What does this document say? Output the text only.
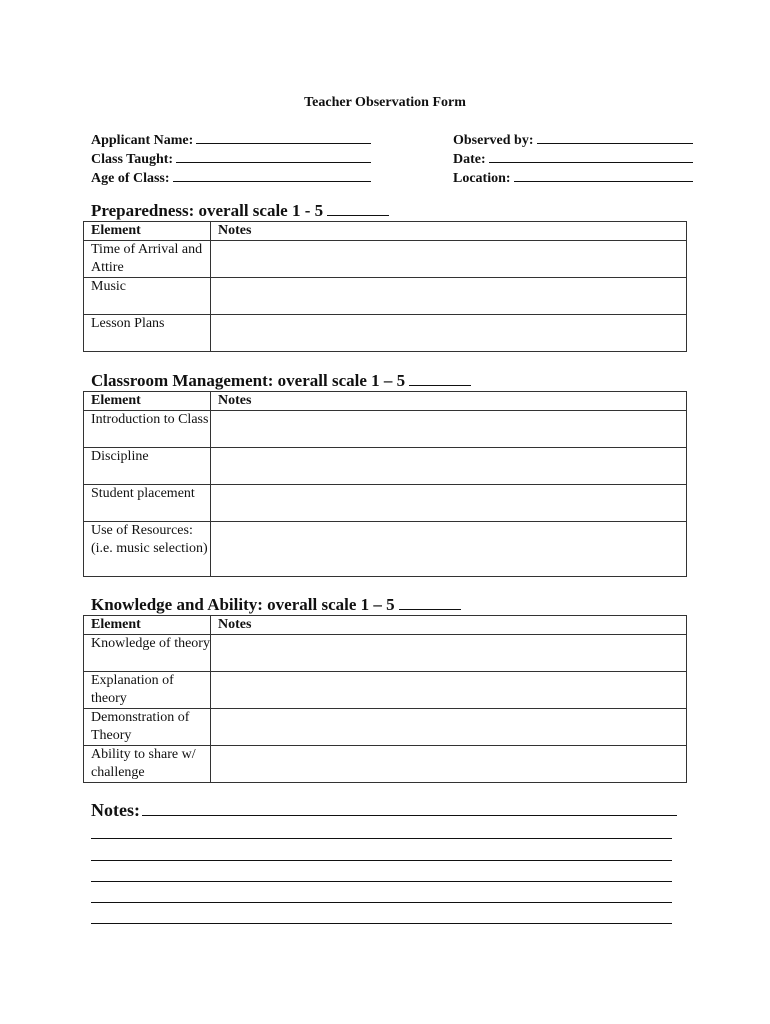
Teacher Observation Form
Applicant Name:
Class Taught:
Age of Class:
Observed by:
Date:
Location:
Preparedness: overall scale 1 - 5
Element	Notes
Time of Arrival and Attire	
Music	
Lesson Plans	
Classroom Management: overall scale 1 – 5
Element	Notes
Introduction to Class	
Discipline	
Student placement	
Use of Resources: (i.e. music selection)	
Knowledge and Ability: overall scale 1 – 5
Element	Notes
Knowledge of theory	
Explanation of theory	
Demonstration of Theory	
Ability to share w/ challenge	
Notes:
